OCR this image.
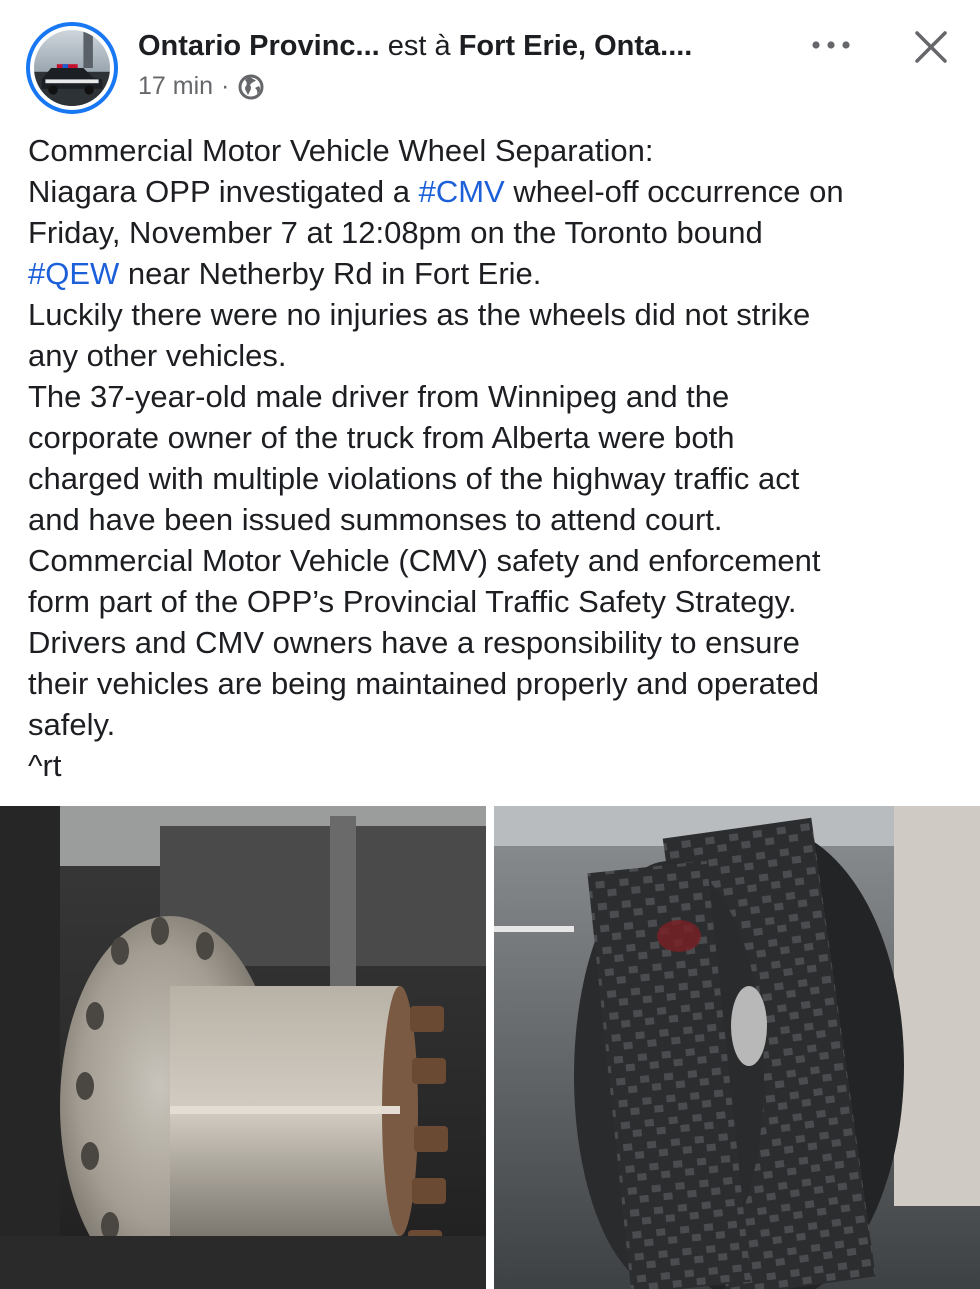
Ontario Provinc... est à Fort Erie, Onta....
17 min ·
Commercial Motor Vehicle Wheel Separation:
Niagara OPP investigated a #CMV wheel-off occurrence on
Friday, November 7 at 12:08pm on the Toronto bound
#QEW near Netherby Rd in Fort Erie.
Luckily there were no injuries as the wheels did not strike
any other vehicles.
The 37-year-old male driver from Winnipeg and the
corporate owner of the truck from Alberta were both
charged with multiple violations of the highway traffic act
and have been issued summonses to attend court.
Commercial Motor Vehicle (CMV) safety and enforcement
form part of the OPP’s Provincial Traffic Safety Strategy.
Drivers and CMV owners have a responsibility to ensure
their vehicles are being maintained properly and operated
safely.
^rt
